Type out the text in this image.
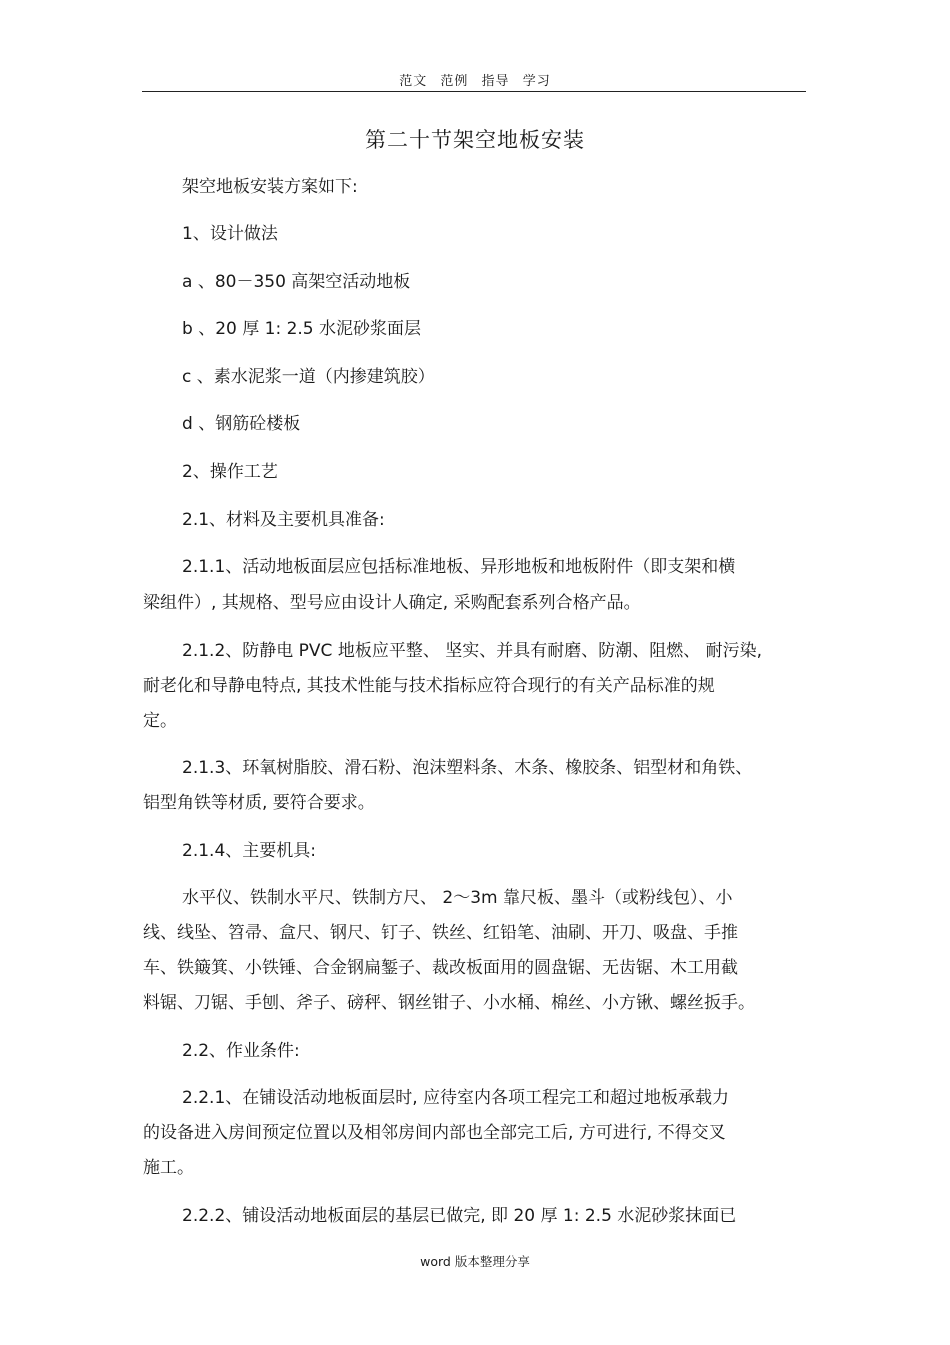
范文 范例 指导 学习
第二十节架空地板安装
架空地板安装方案如下:
1、设计做法
a 、80－350 高架空活动地板
b 、20 厚 1: 2.5 水泥砂浆面层
c 、素水泥浆一道（内掺建筑胶）
d 、钢筋砼楼板
2、操作工艺
2.1、材料及主要机具准备:
2.1.1、活动地板面层应包括标准地板、异形地板和地板附件（即支架和横
梁组件）, 其规格、型号应由设计人确定, 采购配套系列合格产品。
2.1.2、防静电 PVC 地板应平整、 坚实、并具有耐磨、防潮、阻燃、 耐污染,
耐老化和导静电特点, 其技术性能与技术指标应符合现行的有关产品标准的规
定。
2.1.3、环氧树脂胶、滑石粉、泡沫塑料条、木条、橡胶条、铝型材和角铁、
铝型角铁等材质, 要符合要求。
2.1.4、主要机具:
水平仪、铁制水平尺、铁制方尺、 2～3m 靠尺板、墨斗（或粉线包）、小
线、线坠、笤帚、盒尺、钢尺、钉子、铁丝、红铅笔、油刷、开刀、吸盘、手推
车、铁簸箕、小铁锤、合金钢扁錾子、裁改板面用的圆盘锯、无齿锯、木工用截
料锯、刀锯、手刨、斧子、磅秤、钢丝钳子、小水桶、棉丝、小方锹、螺丝扳手。
2.2、作业条件:
2.2.1、在铺设活动地板面层时, 应待室内各项工程完工和超过地板承载力
的设备进入房间预定位置以及相邻房间内部也全部完工后, 方可进行, 不得交叉
施工。
2.2.2、铺设活动地板面层的基层已做完, 即 20 厚 1: 2.5 水泥砂浆抹面已
word 版本整理分享
